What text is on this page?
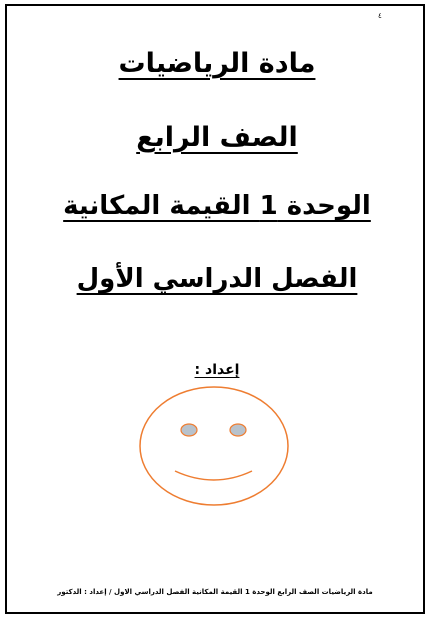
٤
مادة الرياضيات
الصف الرابع
الوحدة 1 القيمة المكانية
الفصل الدراسي الأول
إعداد :
مادة الرياضيات الصف الرابع الوحدة 1 القيمة المكانية الفصل الدراسي الاول / إعداد : الدكتور
